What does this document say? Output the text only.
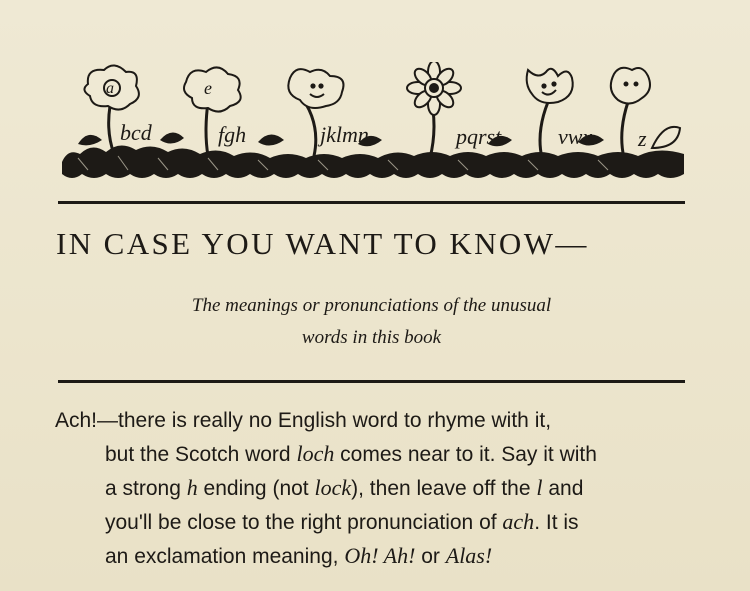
a	e
bcd	fgh	jklmn	pqrst	vwx z
IN CASE YOU WANT TO KNOW—
The meanings or pronunciations of the unusual
words in this book
Ach!—there is really no English word to rhyme with it,
but the Scotch word loch comes near to it. Say it with
a strong h ending (not lock), then leave off the l and
you'll be close to the right pronunciation of ach. It is
an exclamation meaning, Oh! Ah! or Alas!
